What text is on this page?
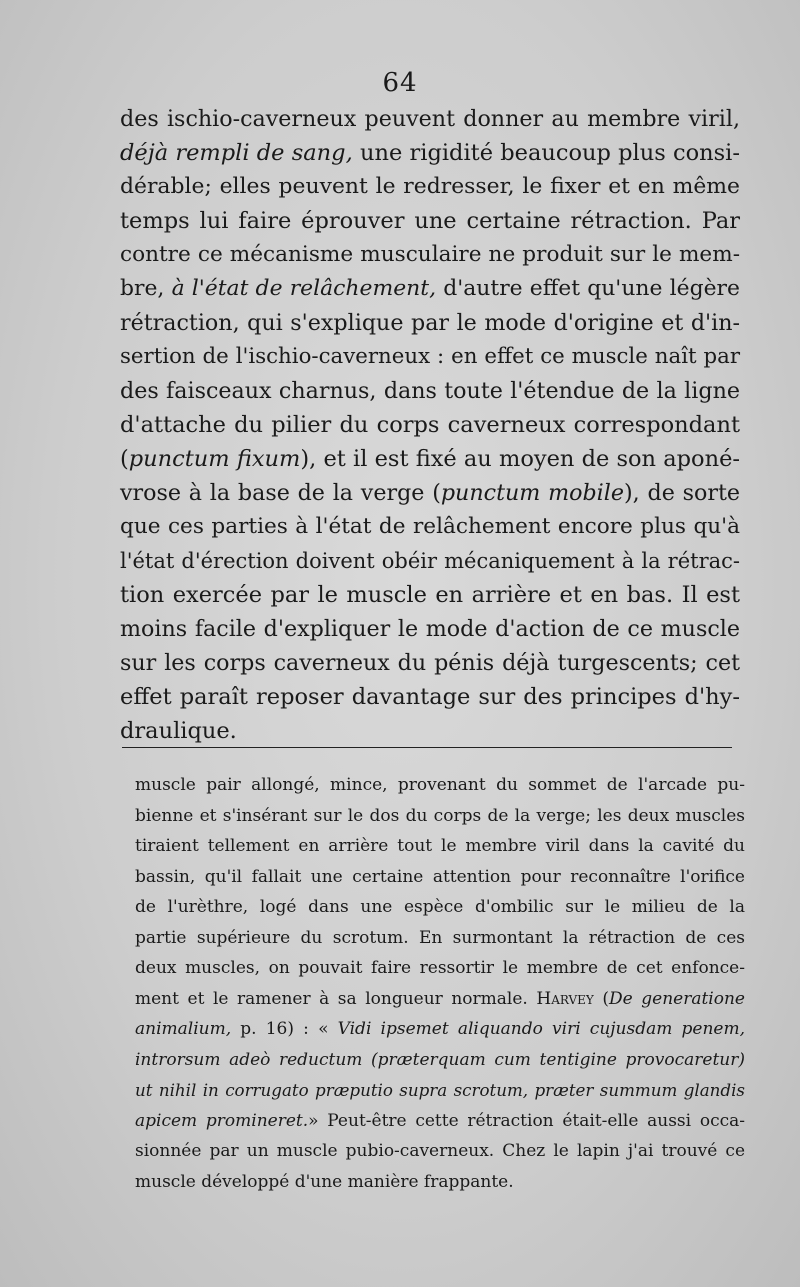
64
des ischio-caverneux peuvent donner au membre viril,
déjà rempli de sang, une rigidité beaucoup plus consi-
dérable; elles peuvent le redresser, le fixer et en même
temps lui faire éprouver une certaine rétraction. Par
contre ce mécanisme musculaire ne produit sur le mem-
bre, à l'état de relâchement, d'autre effet qu'une légère
rétraction, qui s'explique par le mode d'origine et d'in-
sertion de l'ischio-caverneux : en effet ce muscle naît par
des faisceaux charnus, dans toute l'étendue de la ligne
d'attache du pilier du corps caverneux correspondant
(punctum fixum), et il est fixé au moyen de son aponé-
vrose à la base de la verge (punctum mobile), de sorte
que ces parties à l'état de relâchement encore plus qu'à
l'état d'érection doivent obéir mécaniquement à la rétrac-
tion exercée par le muscle en arrière et en bas. Il est
moins facile d'expliquer le mode d'action de ce muscle
sur les corps caverneux du pénis déjà turgescents; cet
effet paraît reposer davantage sur des principes d'hy-
draulique.
muscle pair allongé, mince, provenant du sommet de l'arcade pu-
bienne et s'insérant sur le dos du corps de la verge; les deux muscles
tiraient tellement en arrière tout le membre viril dans la cavité du
bassin, qu'il fallait une certaine attention pour reconnaître l'orifice
de l'urèthre, logé dans une espèce d'ombilic sur le milieu de la
partie supérieure du scrotum. En surmontant la rétraction de ces
deux muscles, on pouvait faire ressortir le membre de cet enfonce-
ment et le ramener à sa longueur normale. Harvey (De generatione
animalium, p. 16) : « Vidi ipsemet aliquando viri cujusdam penem,
introrsum adeò reductum (præterquam cum tentigine provocaretur)
ut nihil in corrugato præputio supra scrotum, præter summum glandis
apicem promineret.» Peut-être cette rétraction était-elle aussi occa-
sionnée par un muscle pubio-caverneux. Chez le lapin j'ai trouvé ce
muscle développé d'une manière frappante.
